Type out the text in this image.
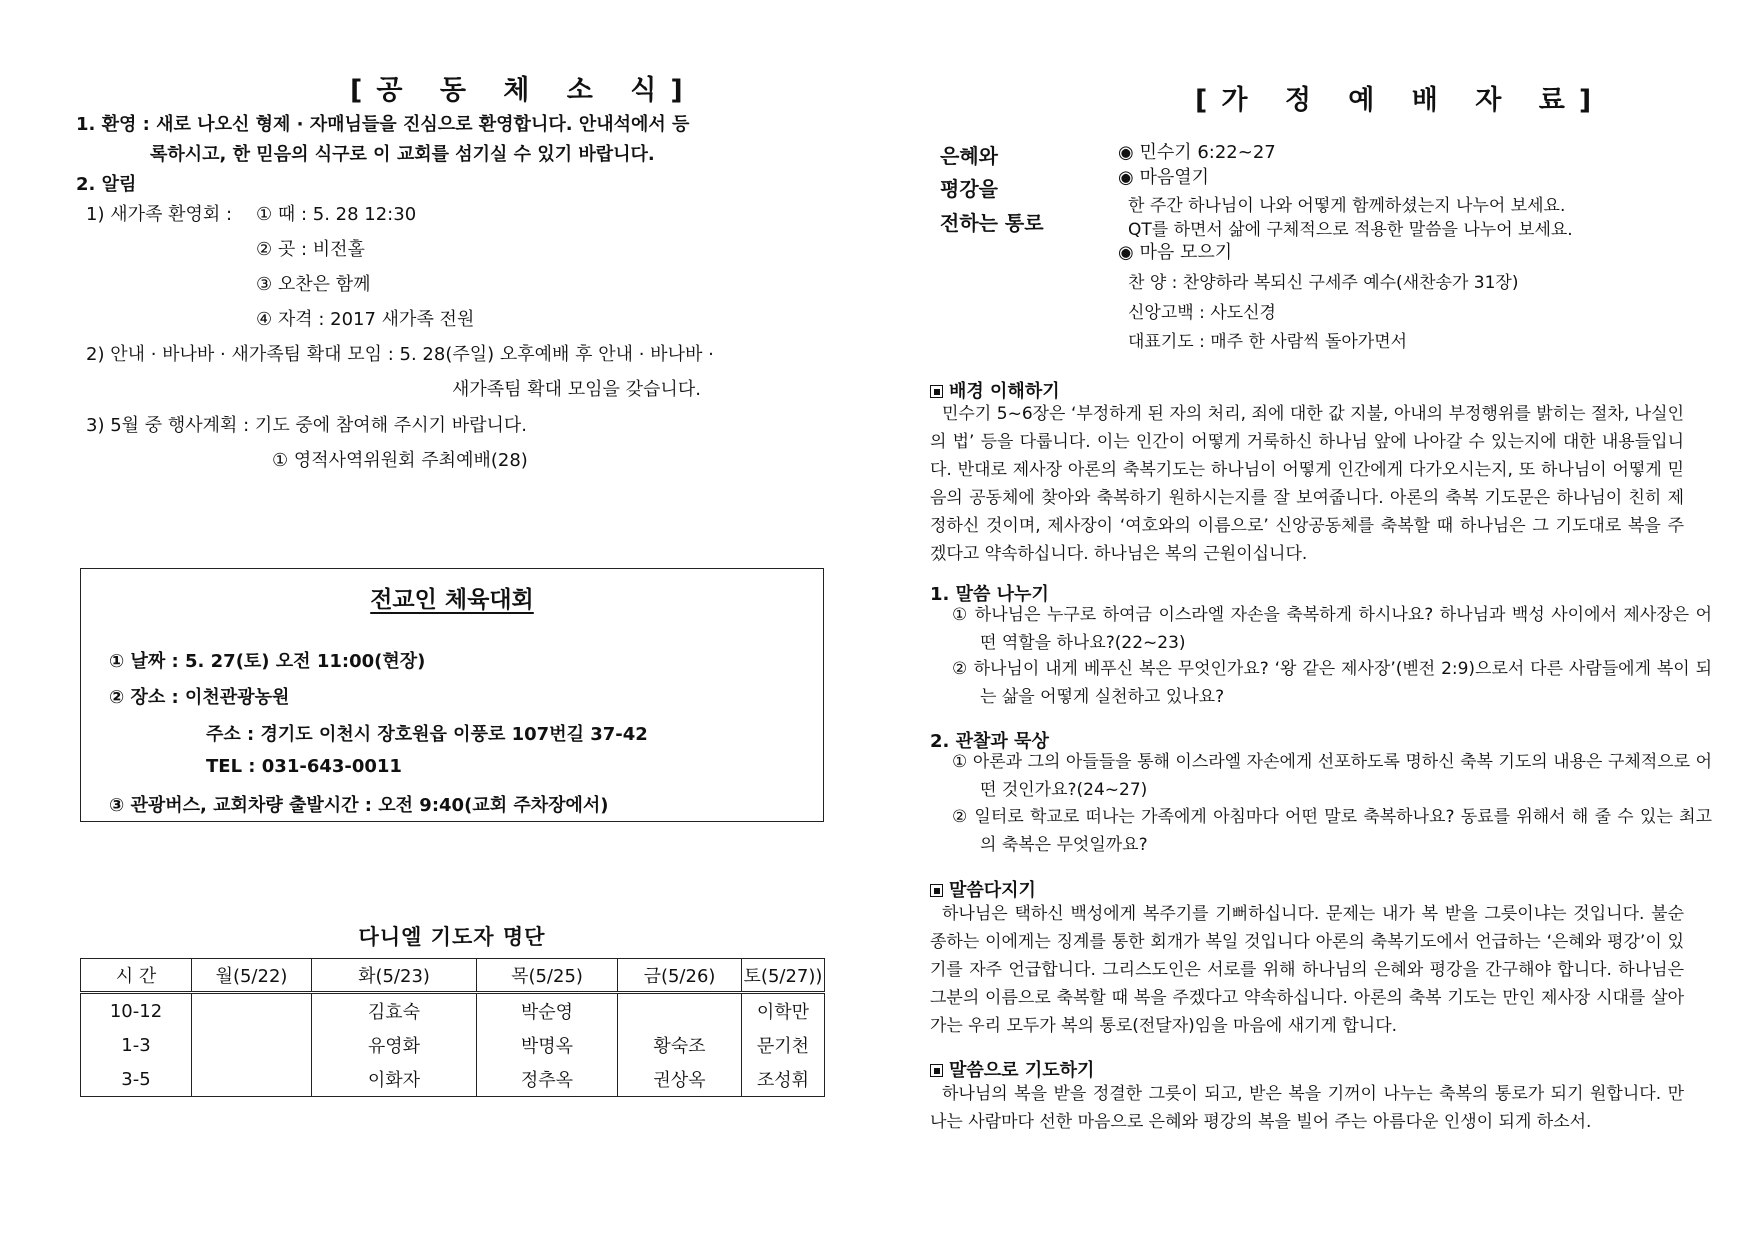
[공 동 체 소 식]
1. 환영 : 새로 나오신 형제 · 자매님들을 진심으로 환영합니다. 안내석에서 등
록하시고, 한 믿음의 식구로 이 교회를 섬기실 수 있기 바랍니다.
2. 알림
1) 새가족 환영회 : ① 때 : 5. 28 12:30
② 곳 : 비전홀
③ 오찬은 함께
④ 자격 : 2017 새가족 전원
2) 안내 · 바나바 · 새가족팀 확대 모임 : 5. 28(주일) 오후예배 후 안내 · 바나바 ·
새가족팀 확대 모임을 갖습니다.
3) 5월 중 행사계획 : 기도 중에 참여해 주시기 바랍니다.
① 영적사역위원회 주최예배(28)
전교인 체육대회
① 날짜 : 5. 27(토) 오전 11:00(현장)
② 장소 : 이천관광농원
주소 : 경기도 이천시 장호원읍 이풍로 107번길 37-42
TEL : 031-643-0011
③ 관광버스, 교회차량 출발시간 : 오전 9:40(교회 주차장에서)
다니엘 기도자 명단
시 간	월(5/22)	화(5/23)	목(5/25)	금(5/26)	토(5/27))
10-12		김효숙	박순영		이학만
1-3		유영화	박명옥	황숙조	문기천
3-5		이화자	정추옥	권상옥	조성휘
[가 정 예 배 자 료]
은혜와
평강을
전하는 통로
◉ 민수기 6:22~27
◉ 마음열기
한 주간 하나님이 나와 어떻게 함께하셨는지 나누어 보세요.
QT를 하면서 삶에 구체적으로 적용한 말씀을 나누어 보세요.
◉ 마음 모으기
찬 양 : 찬양하라 복되신 구세주 예수(새찬송가 31장)
신앙고백 : 사도신경
대표기도 : 매주 한 사람씩 돌아가면서
배경 이해하기
민수기 5~6장은 ‘부정하게 된 자의 처리, 죄에 대한 값 지불, 아내의 부정행위를 밝히는 절차, 나실인의 법’ 등을 다룹니다. 이는 인간이 어떻게 거룩하신 하나님 앞에 나아갈 수 있는지에 대한 내용들입니다. 반대로 제사장 아론의 축복기도는 하나님이 어떻게 인간에게 다가오시는지, 또 하나님이 어떻게 믿음의 공동체에 찾아와 축복하기 원하시는지를 잘 보여줍니다. 아론의 축복 기도문은 하나님이 친히 제정하신 것이며, 제사장이 ‘여호와의 이름으로’ 신앙공동체를 축복할 때 하나님은 그 기도대로 복을 주겠다고 약속하십니다. 하나님은 복의 근원이십니다.
1. 말씀 나누기
① 하나님은 누구로 하여금 이스라엘 자손을 축복하게 하시나요? 하나님과 백성 사이에서 제사장은 어떤 역할을 하나요?(22~23)
② 하나님이 내게 베푸신 복은 무엇인가요? ‘왕 같은 제사장’(벧전 2:9)으로서 다른 사람들에게 복이 되는 삶을 어떻게 실천하고 있나요?
2. 관찰과 묵상
① 아론과 그의 아들들을 통해 이스라엘 자손에게 선포하도록 명하신 축복 기도의 내용은 구체적으로 어떤 것인가요?(24~27)
② 일터로 학교로 떠나는 가족에게 아침마다 어떤 말로 축복하나요? 동료를 위해서 해 줄 수 있는 최고의 축복은 무엇일까요?
말씀다지기
하나님은 택하신 백성에게 복주기를 기뻐하십니다. 문제는 내가 복 받을 그릇이냐는 것입니다. 불순종하는 이에게는 징계를 통한 회개가 복일 것입니다 아론의 축복기도에서 언급하는 ‘은혜와 평강’이 있기를 자주 언급합니다. 그리스도인은 서로를 위해 하나님의 은혜와 평강을 간구해야 합니다. 하나님은 그분의 이름으로 축복할 때 복을 주겠다고 약속하십니다. 아론의 축복 기도는 만인 제사장 시대를 살아가는 우리 모두가 복의 통로(전달자)임을 마음에 새기게 합니다.
말씀으로 기도하기
하나님의 복을 받을 정결한 그릇이 되고, 받은 복을 기꺼이 나누는 축복의 통로가 되기 원합니다. 만나는 사람마다 선한 마음으로 은혜와 평강의 복을 빌어 주는 아름다운 인생이 되게 하소서.
